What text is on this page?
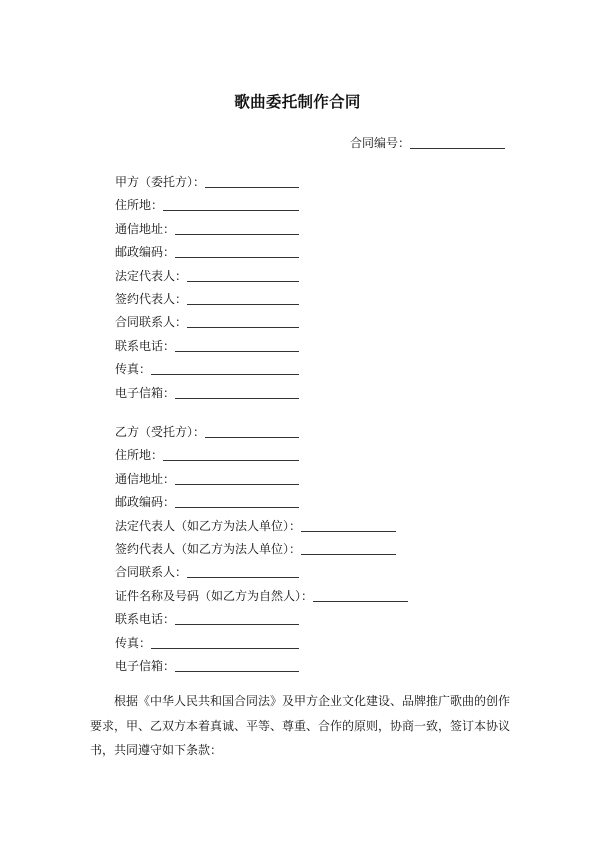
歌曲委托制作合同
合同编号：
甲方（委托方）：
住所地：
通信地址：
邮政编码：
法定代表人：
签约代表人：
合同联系人：
联系电话：
传真：
电子信箱：
乙方（受托方）：
住所地：
通信地址：
邮政编码：
法定代表人（如乙方为法人单位）：
签约代表人（如乙方为法人单位）：
合同联系人：
证件名称及号码（如乙方为自然人）：
联系电话：
传真：
电子信箱：

根据《中华人民共和国合同法》及甲方企业文化建设、品牌推广歌曲的创作要求，甲、乙双方本着真诚、平等、尊重、合作的原则，协商一致，签订本协议书，共同遵守如下条款：
